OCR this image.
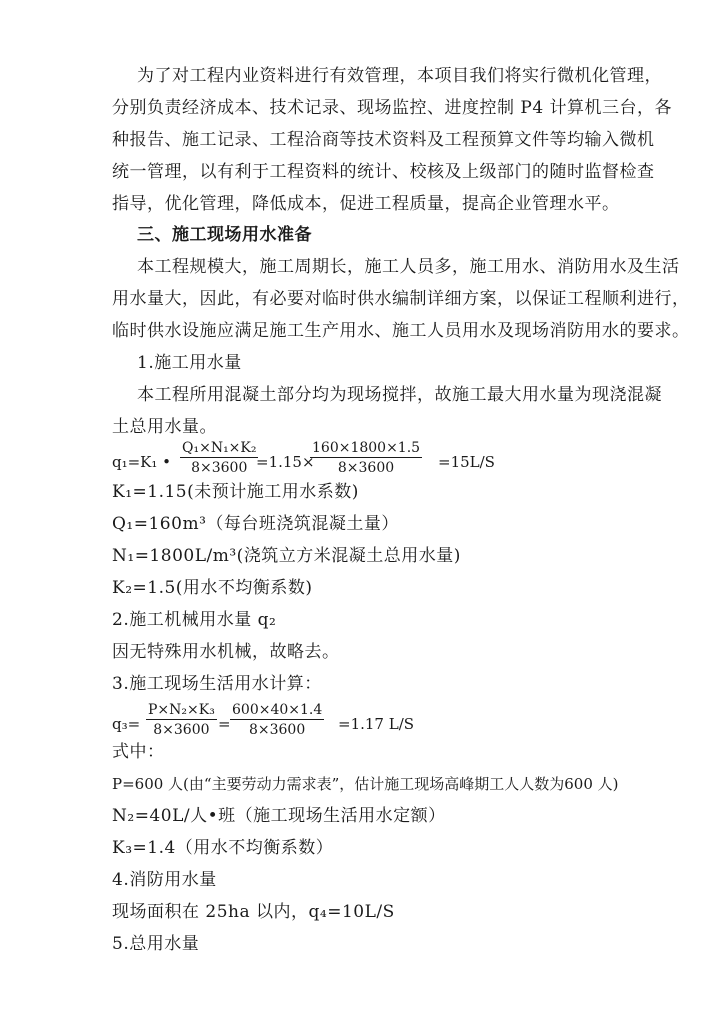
为了对工程内业资料进行有效管理，本项目我们将实行微机化管理，
分别负责经济成本、技术记录、现场监控、进度控制 P4 计算机三台，各
种报告、施工记录、工程洽商等技术资料及工程预算文件等均输入微机
统一管理，以有利于工程资料的统计、校核及上级部门的随时监督检查
指导，优化管理，降低成本，促进工程质量，提高企业管理水平。
三、施工现场用水准备
本工程规模大，施工周期长，施工人员多，施工用水、消防用水及生活
用水量大，因此，有必要对临时供水编制详细方案，以保证工程顺利进行，
临时供水设施应满足施工生产用水、施工人员用水及现场消防用水的要求。
1.施工用水量
本工程所用混凝土部分均为现场搅拌，故施工最大用水量为现浇混凝
土总用水量。
q₁=K₁ • $\frac{\text{Q₁×N₁×K₂}}{8\times 3600}$
=1.15×
$\frac{160\times 1800\times 1.5}{8\times 3600} =15L/S$
K₁=1.15(未预计施工用水系数)
Q₁=160m³（每台班浇筑混凝土量）
N₁=1800L/m³(浇筑立方米混凝土总用水量)
K₂=1.5(用水不均衡系数)
2.施工机械用水量 q₂
因无特殊用水机械，故略去。
3.施工现场生活用水计算：
$q_3= \frac{\text{P×N₂×K₃}}{8\times 3600} = \frac{600\times 40\times 1.4}{8\times 3600} =1.17$ L/S
式中：
P=600 人(由“主要劳动力需求表”，估计施工现场高峰期工人人数为600 人)
N₂=40L/人•班（施工现场生活用水定额）
K₃=1.4（用水不均衡系数）
4.消防用水量
现场面积在 25ha 以内，q₄=10L/S
5.总用水量
